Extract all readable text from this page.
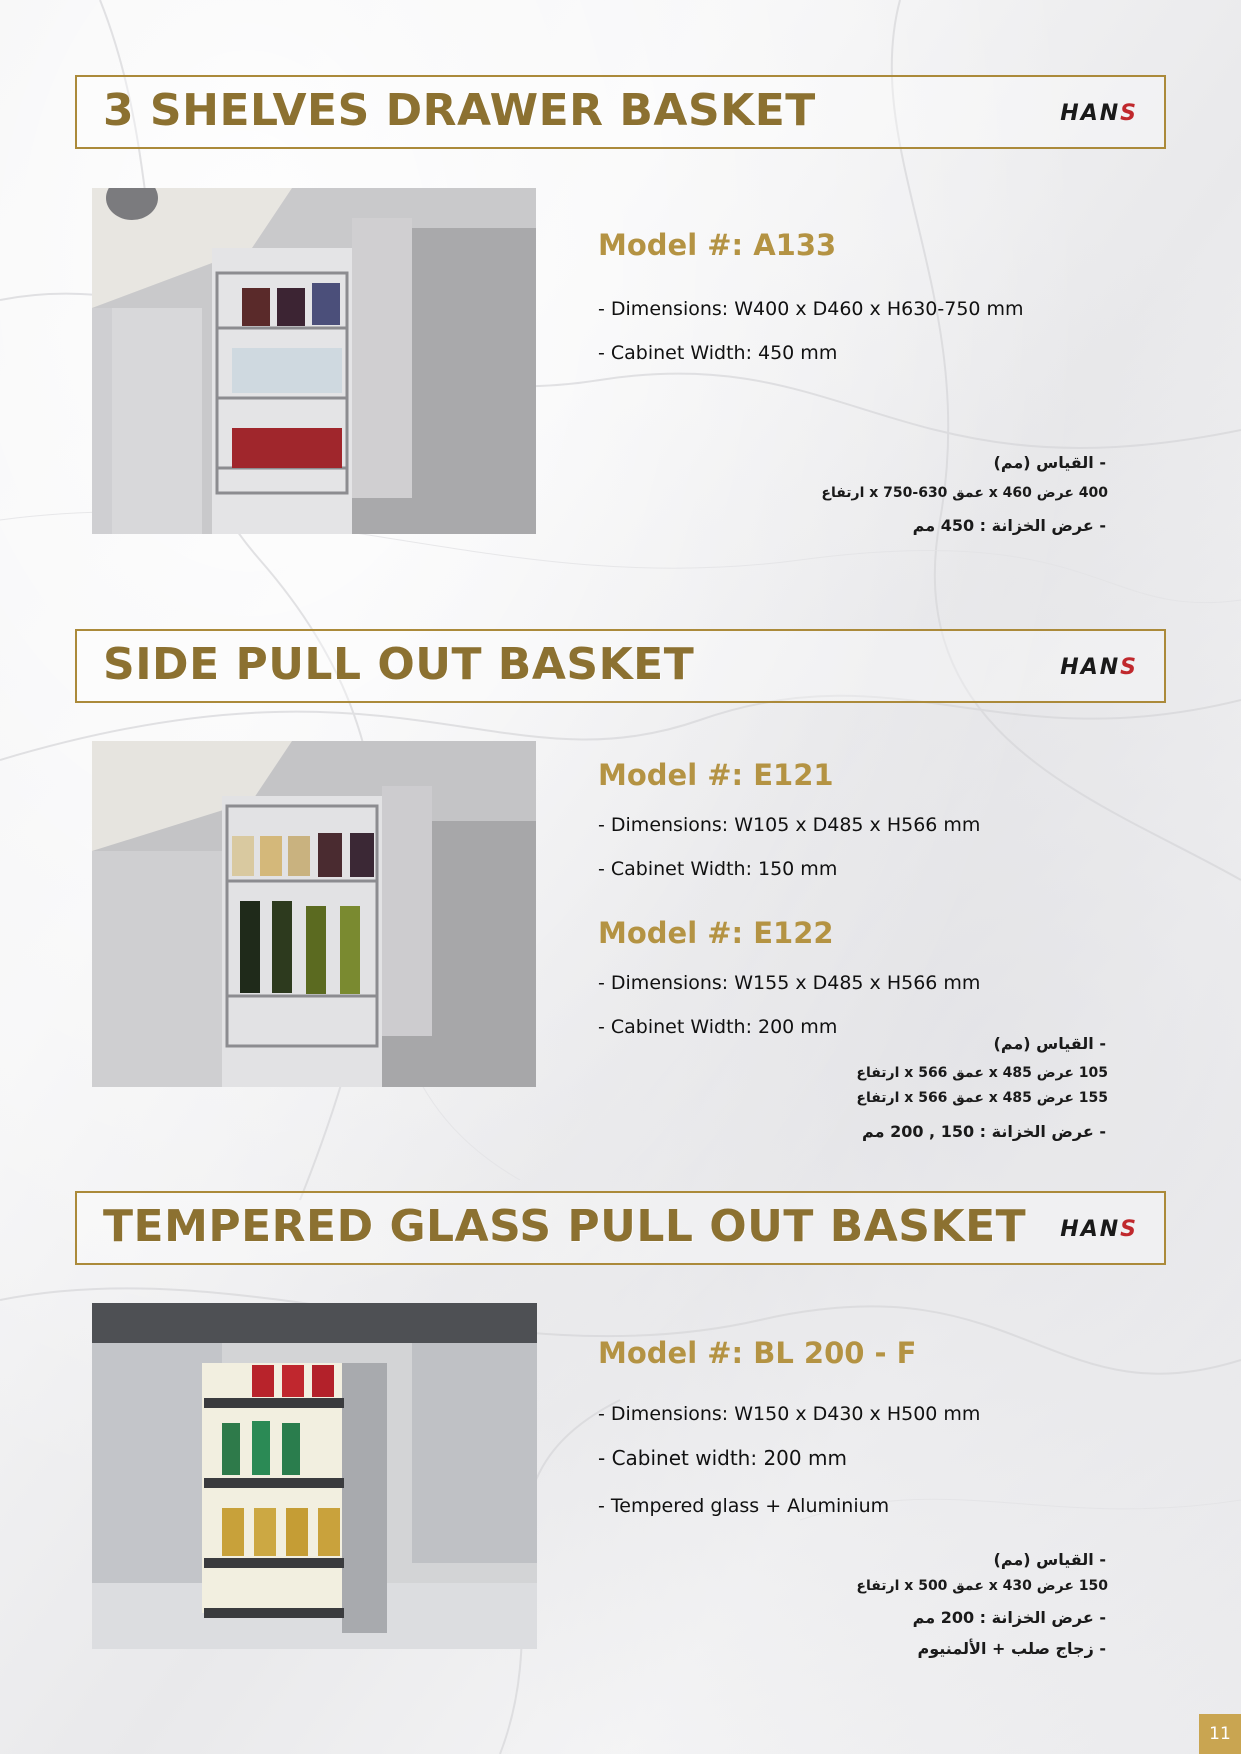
3 SHELVES DRAWER BASKET	HANS
Model #: A133
- Dimensions: W400 x D460 x H630-750 mm
- Cabinet Width: 450 mm
- القياس (مم)
400 عرض x 460 عمق x 750-630 ارتفاع
- عرض الخزانة : 450 مم
SIDE PULL OUT BASKET	HANS
Model #: E121
- Dimensions: W105 x D485 x H566 mm
- Cabinet Width: 150 mm
Model #: E122
- Dimensions: W155 x D485 x H566 mm
- Cabinet Width: 200 mm
- القياس (مم)
105 عرض x 485 عمق x 566 ارتفاع
155 عرض x 485 عمق x 566 ارتفاع
- عرض الخزانة : 150 , 200 مم
TEMPERED GLASS PULL OUT BASKET HANS
Model #: BL 200 - F
- Dimensions: W150 x D430 x H500 mm
- Cabinet width: 200 mm
- Tempered glass + Aluminium
- القياس (مم)
150 عرض x 430 عمق x 500 ارتفاع
- عرض الخزانة : 200 مم
- زجاج صلب + الألمنيوم
11
